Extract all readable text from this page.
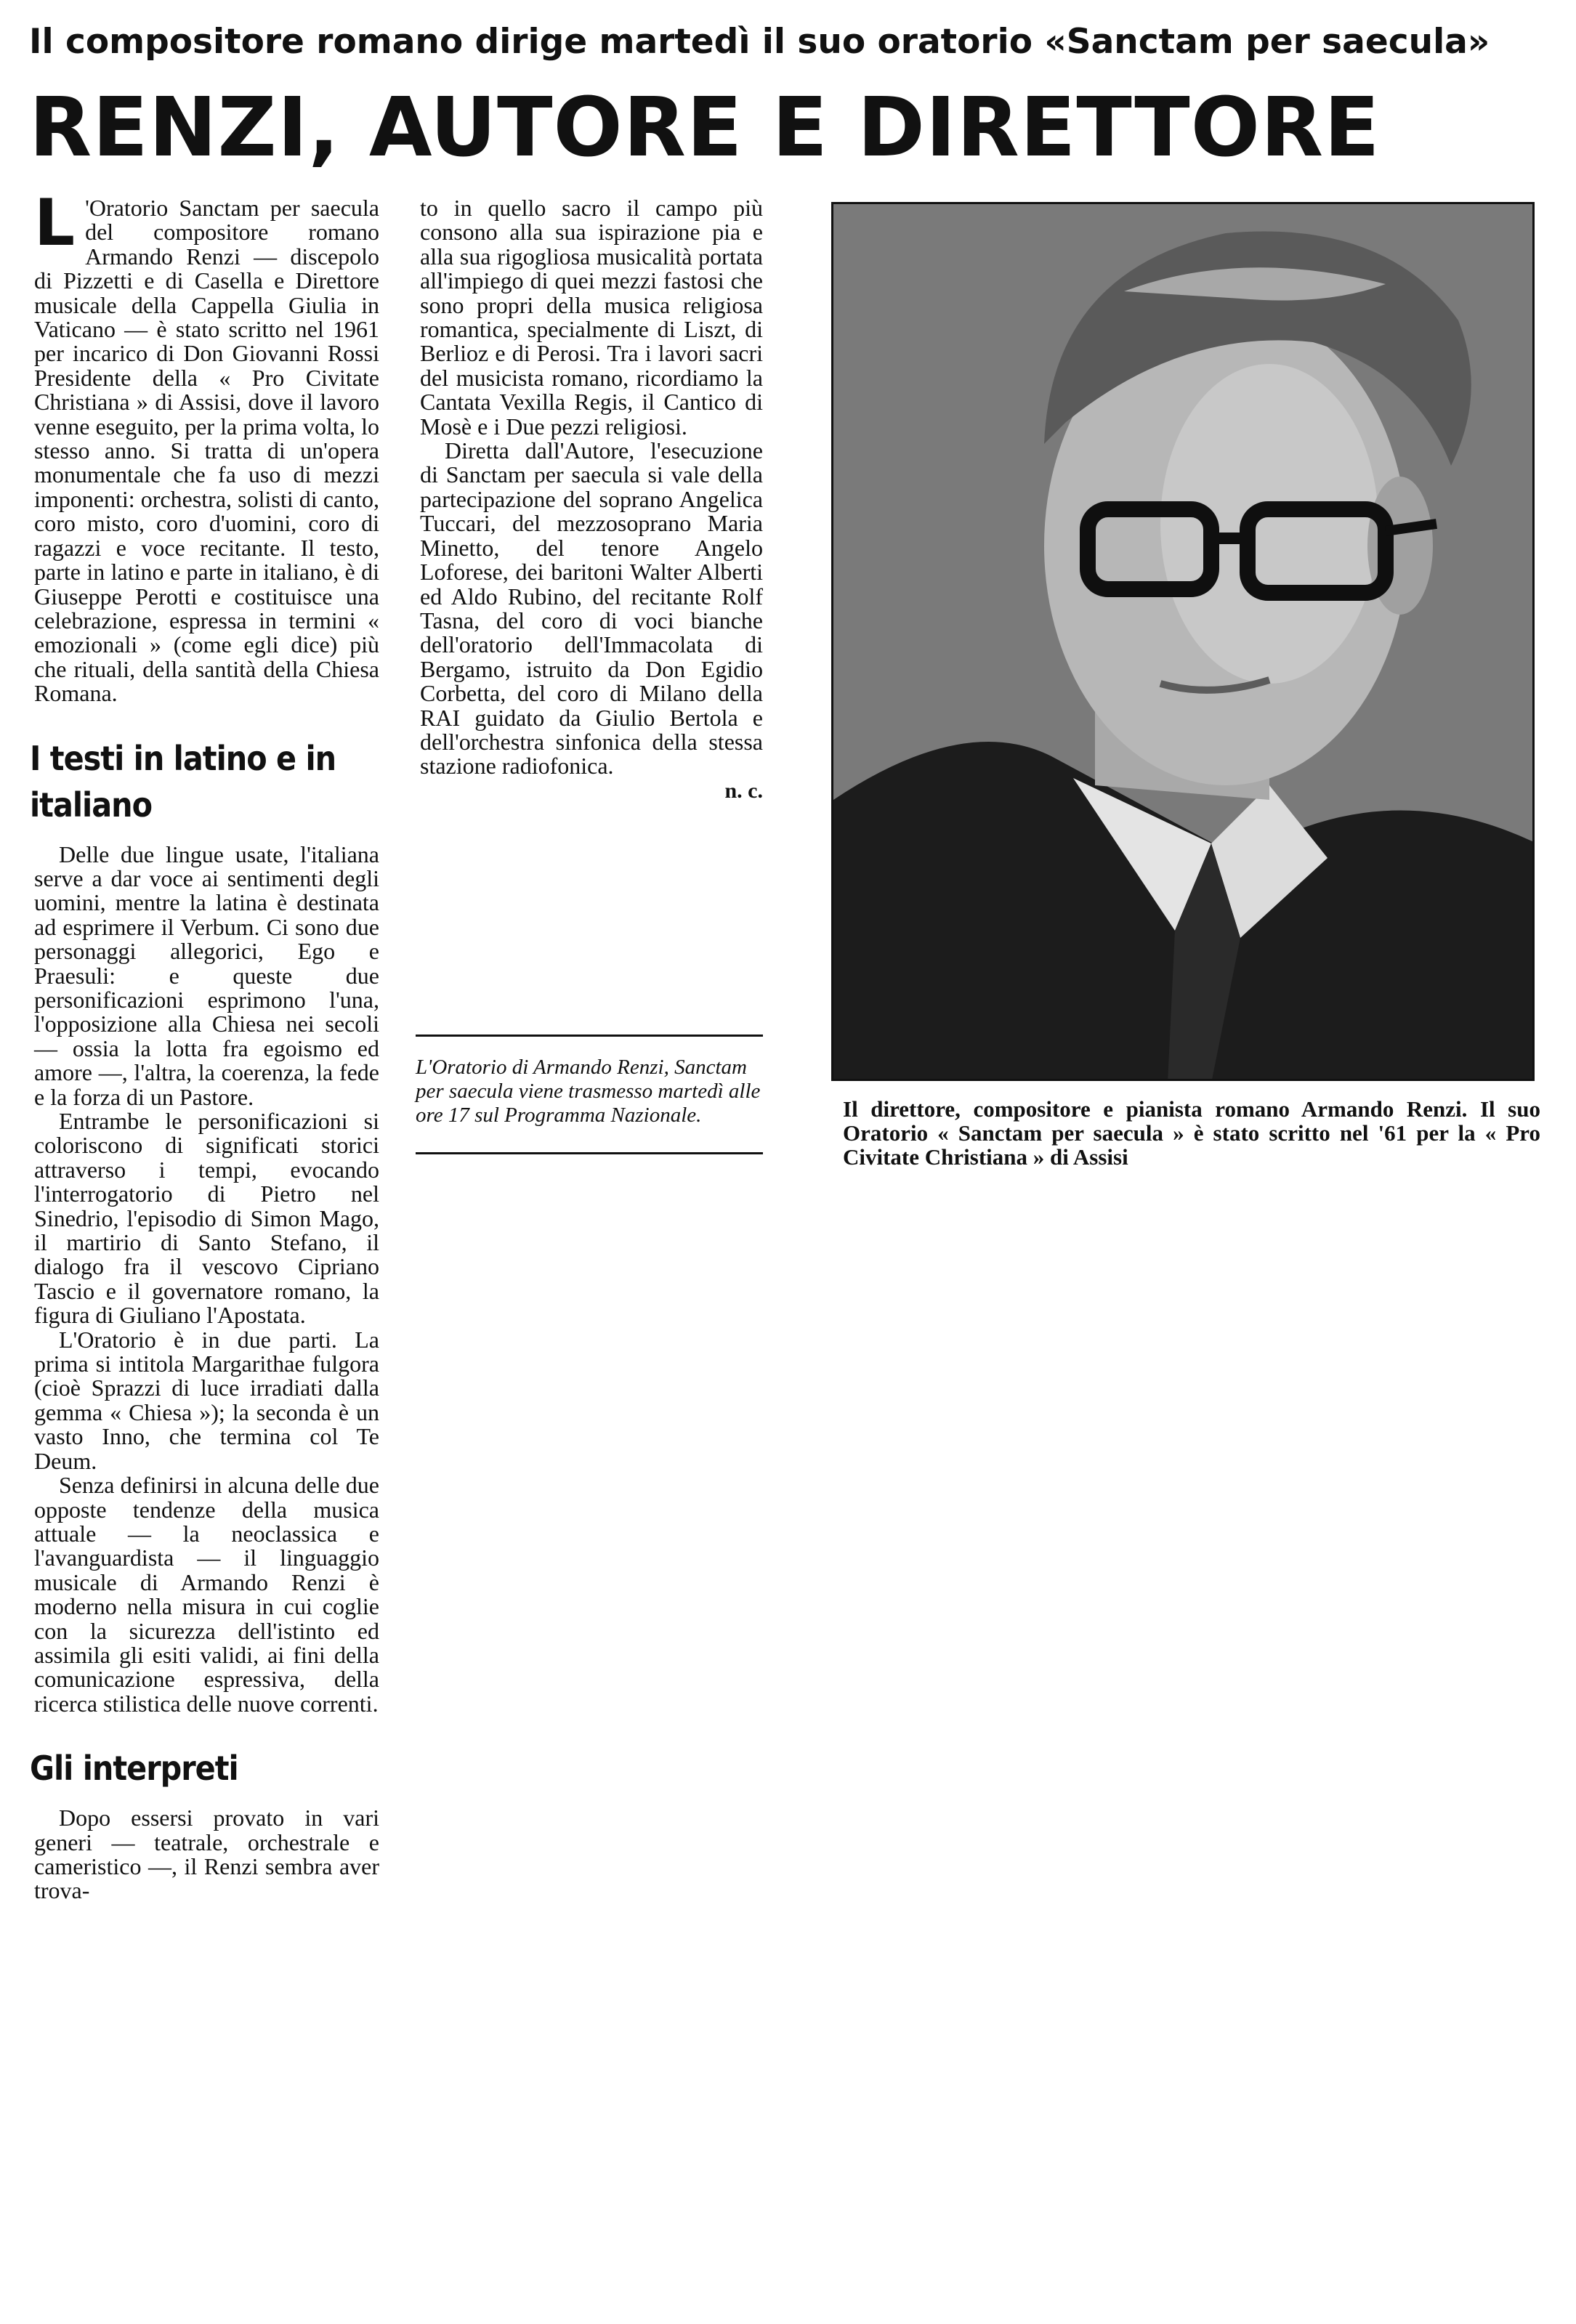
Il compositore romano dirige martedì il suo oratorio «Sanctam per saecula»
RENZI, AUTORE E DIRETTORE

L 'Oratorio Sanctam per saecula del compositore romano Armando Renzi — discepolo di Pizzetti e di Casella e Direttore musicale della Cappella Giulia in Vaticano — è stato scritto nel 1961 per incarico di Don Giovanni Rossi Presidente della « Pro Civitate Christiana » di Assisi, dove il lavoro venne eseguito, per la prima volta, lo stesso anno. Si tratta di un'opera monumentale che fa uso di mezzi imponenti: orchestra, solisti di canto, coro misto, coro d'uomini, coro di ragazzi e voce recitante. Il testo, parte in latino e parte in italiano, è di Giuseppe Perotti e costituisce una celebrazione, espressa in termini « emozionali » (come egli dice) più che rituali, della santità della Chiesa Romana.

I testi in latino e in italiano

Delle due lingue usate, l'italiana serve a dar voce ai sentimenti degli uomini, mentre la latina è destinata ad esprimere il Verbum. Ci sono due personaggi allegorici, Ego e Praesuli: e queste due personificazioni esprimono l'una, l'opposizione alla Chiesa nei secoli — ossia la lotta fra egoismo ed amore —, l'altra, la coerenza, la fede e la forza di un Pastore.

Entrambe le personificazioni si coloriscono di significati storici attraverso i tempi, evocando l'interrogatorio di Pietro nel Sinedrio, l'episodio di Simon Mago, il martirio di Santo Stefano, il dialogo fra il vescovo Cipriano Tascio e il governatore romano, la figura di Giuliano l'Apostata.

L'Oratorio è in due parti. La prima si intitola Margarithae fulgora (cioè Sprazzi di luce irradiati dalla gemma « Chiesa »); la seconda è un vasto Inno, che termina col Te Deum.

Senza definirsi in alcuna delle due opposte tendenze della musica attuale — la neoclassica e l'avanguardista — il linguaggio musicale di Armando Renzi è moderno nella misura in cui coglie con la sicurezza dell'istinto ed assimila gli esiti validi, ai fini della comunicazione espressiva, della ricerca stilistica delle nuove correnti.

Gli interpreti

Dopo essersi provato in vari generi — teatrale, orchestrale e cameristico —, il Renzi sembra aver trova-

to in quello sacro il campo più consono alla sua ispirazione pia e alla sua rigogliosa musicalità portata all'impiego di quei mezzi fastosi che sono propri della musica religiosa romantica, specialmente di Liszt, di Berlioz e di Perosi. Tra i lavori sacri del musicista romano, ricordiamo la Cantata Vexilla Regis, il Cantico di Mosè e i Due pezzi religiosi.

Diretta dall'Autore, l'esecuzione di Sanctam per saecula si vale della partecipazione del soprano Angelica Tuccari, del mezzosoprano Maria Minetto, del tenore Angelo Loforese, dei baritoni Walter Alberti ed Aldo Rubino, del recitante Rolf Tasna, del coro di voci bianche dell'oratorio dell'Immacolata di Bergamo, istruito da Don Egidio Corbetta, del coro di Milano della RAI guidato da Giulio Bertola e dell'orchestra sinfonica della stessa stazione radiofonica.

n. c.

L'Oratorio di Armando Renzi, Sanctam per saecula viene trasmesso martedì alle ore 17 sul Programma Nazionale.	Il direttore, compositore e pianista romano Armando Renzi. Il suo Oratorio « Sanctam per saecula » è stato scritto nel '61 per la « Pro Civitate Christiana » di Assisi
